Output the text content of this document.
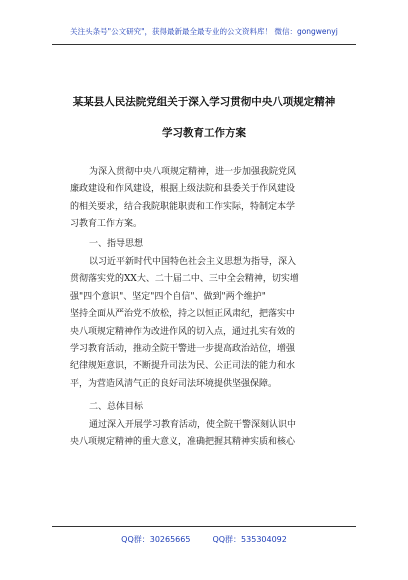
关注头条号"公文研究"，获得最新最全最专业的公文资料库！ 微信：gongwenyj
某某县人民法院党组关于深入学习贯彻中央八项规定精神
学习教育工作方案
为深入贯彻中央八项规定精神，进一步加强我院党风
廉政建设和作风建设，根据上级法院和县委关于作风建设
的相关要求，结合我院职能职责和工作实际，特制定本学
习教育工作方案。
一、指导思想
以习近平新时代中国特色社会主义思想为指导，深入
贯彻落实党的XX大、二十届二中、三中全会精神，切实增
强"四个意识"、坚定"四个自信"、做到"两个维护"
坚持全面从严治党不放松，持之以恒正风肃纪，把落实中
央八项规定精神作为改进作风的切入点，通过扎实有效的
学习教育活动，推动全院干警进一步提高政治站位，增强
纪律规矩意识，不断提升司法为民、公正司法的能力和水
平，为营造风清气正的良好司法环境提供坚强保障。
二、总体目标
通过深入开展学习教育活动，使全院干警深刻认识中
央八项规定精神的重大意义，准确把握其精神实质和核心
QQ群：30265665	QQ群：535304092
